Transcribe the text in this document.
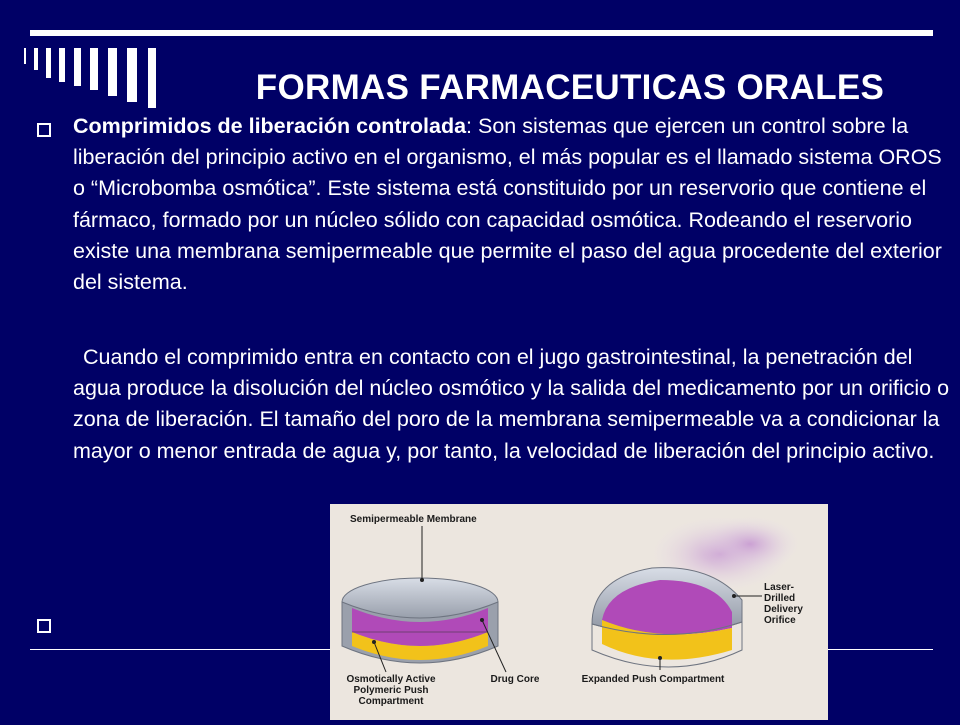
FORMAS FARMACEUTICAS ORALES
Comprimidos de liberación controlada: Son sistemas que ejercen un control sobre la liberación del principio activo en el organismo, el más popular es el llamado sistema OROS o “Microbomba osmótica”. Este sistema está constituido por un reservorio que contiene el fármaco, formado por un núcleo sólido con capacidad osmótica. Rodeando el reservorio existe una membrana semipermeable que permite el paso del agua procedente del exterior del sistema.
Cuando el comprimido entra en contacto con el jugo gastrointestinal, la penetración del agua produce la disolución del núcleo osmótico y la salida del medicamento por un orificio o zona de liberación. El tamaño del poro de la membrana semipermeable va a condicionar la mayor o menor entrada de agua y, por tanto, la velocidad de liberación del principio activo.
Semipermeable Membrane
Laser-
Drilled
Delivery
Orifice
Osmotically Active
Polymeric Push
Compartment
Drug Core	Expanded Push Compartment
